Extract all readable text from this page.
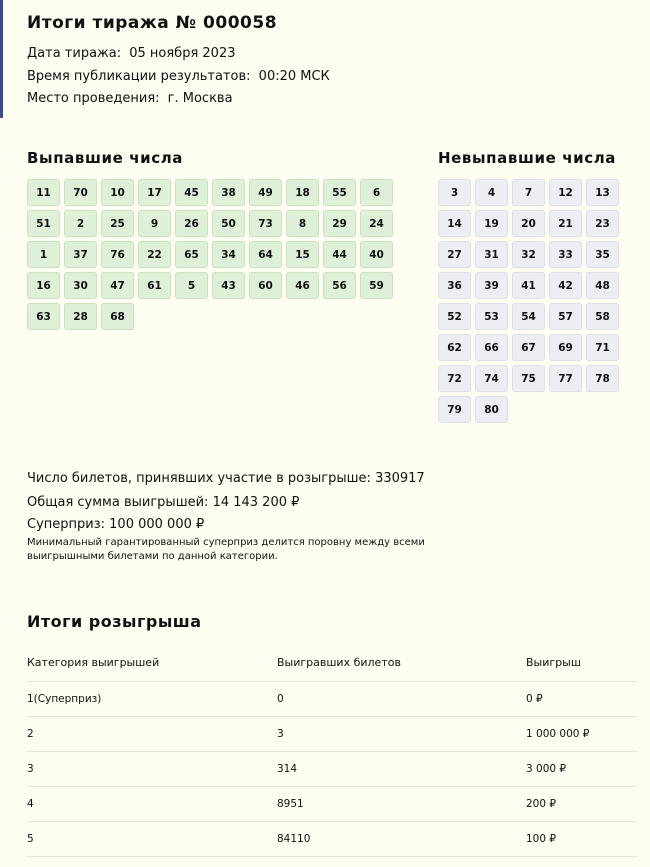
Итоги тиража № 000058
Дата тиража: 05 ноября 2023
Время публикации результатов: 00:20 МСК
Место проведения: г. Москва
Выпавшие числа	Невыпавшие числа
11	70	10	17	45	38	49	18	55	6
51	2	25	9	26	50	73	8	29	24
1	37	76	22	65	34	64	15	44	40
16	30	47	61	5	43	60	46	56	59
63	28	68
3	4	7	12	13
14	19	20	21	23
27	31	32	33	35
36	39	41	42	48
52	53	54	57	58
62	66	67	69	71
72	74	75	77	78
79	80
Число билетов, принявших участие в розыгрыше: 330917
Общая сумма выигрышей: 14 143 200 ₽
Суперприз: 100 000 000 ₽
Минимальный гарантированный суперприз делится поровну между всеми выигрышными билетами по данной категории.
Итоги розыгрыша
Категория выигрышей	Выигравших билетов	Выигрыш
1(Суперприз)	0	0 ₽
2	3	1 000 000 ₽
3	314	3 000 ₽
4	8951	200 ₽
5	84110	100 ₽
